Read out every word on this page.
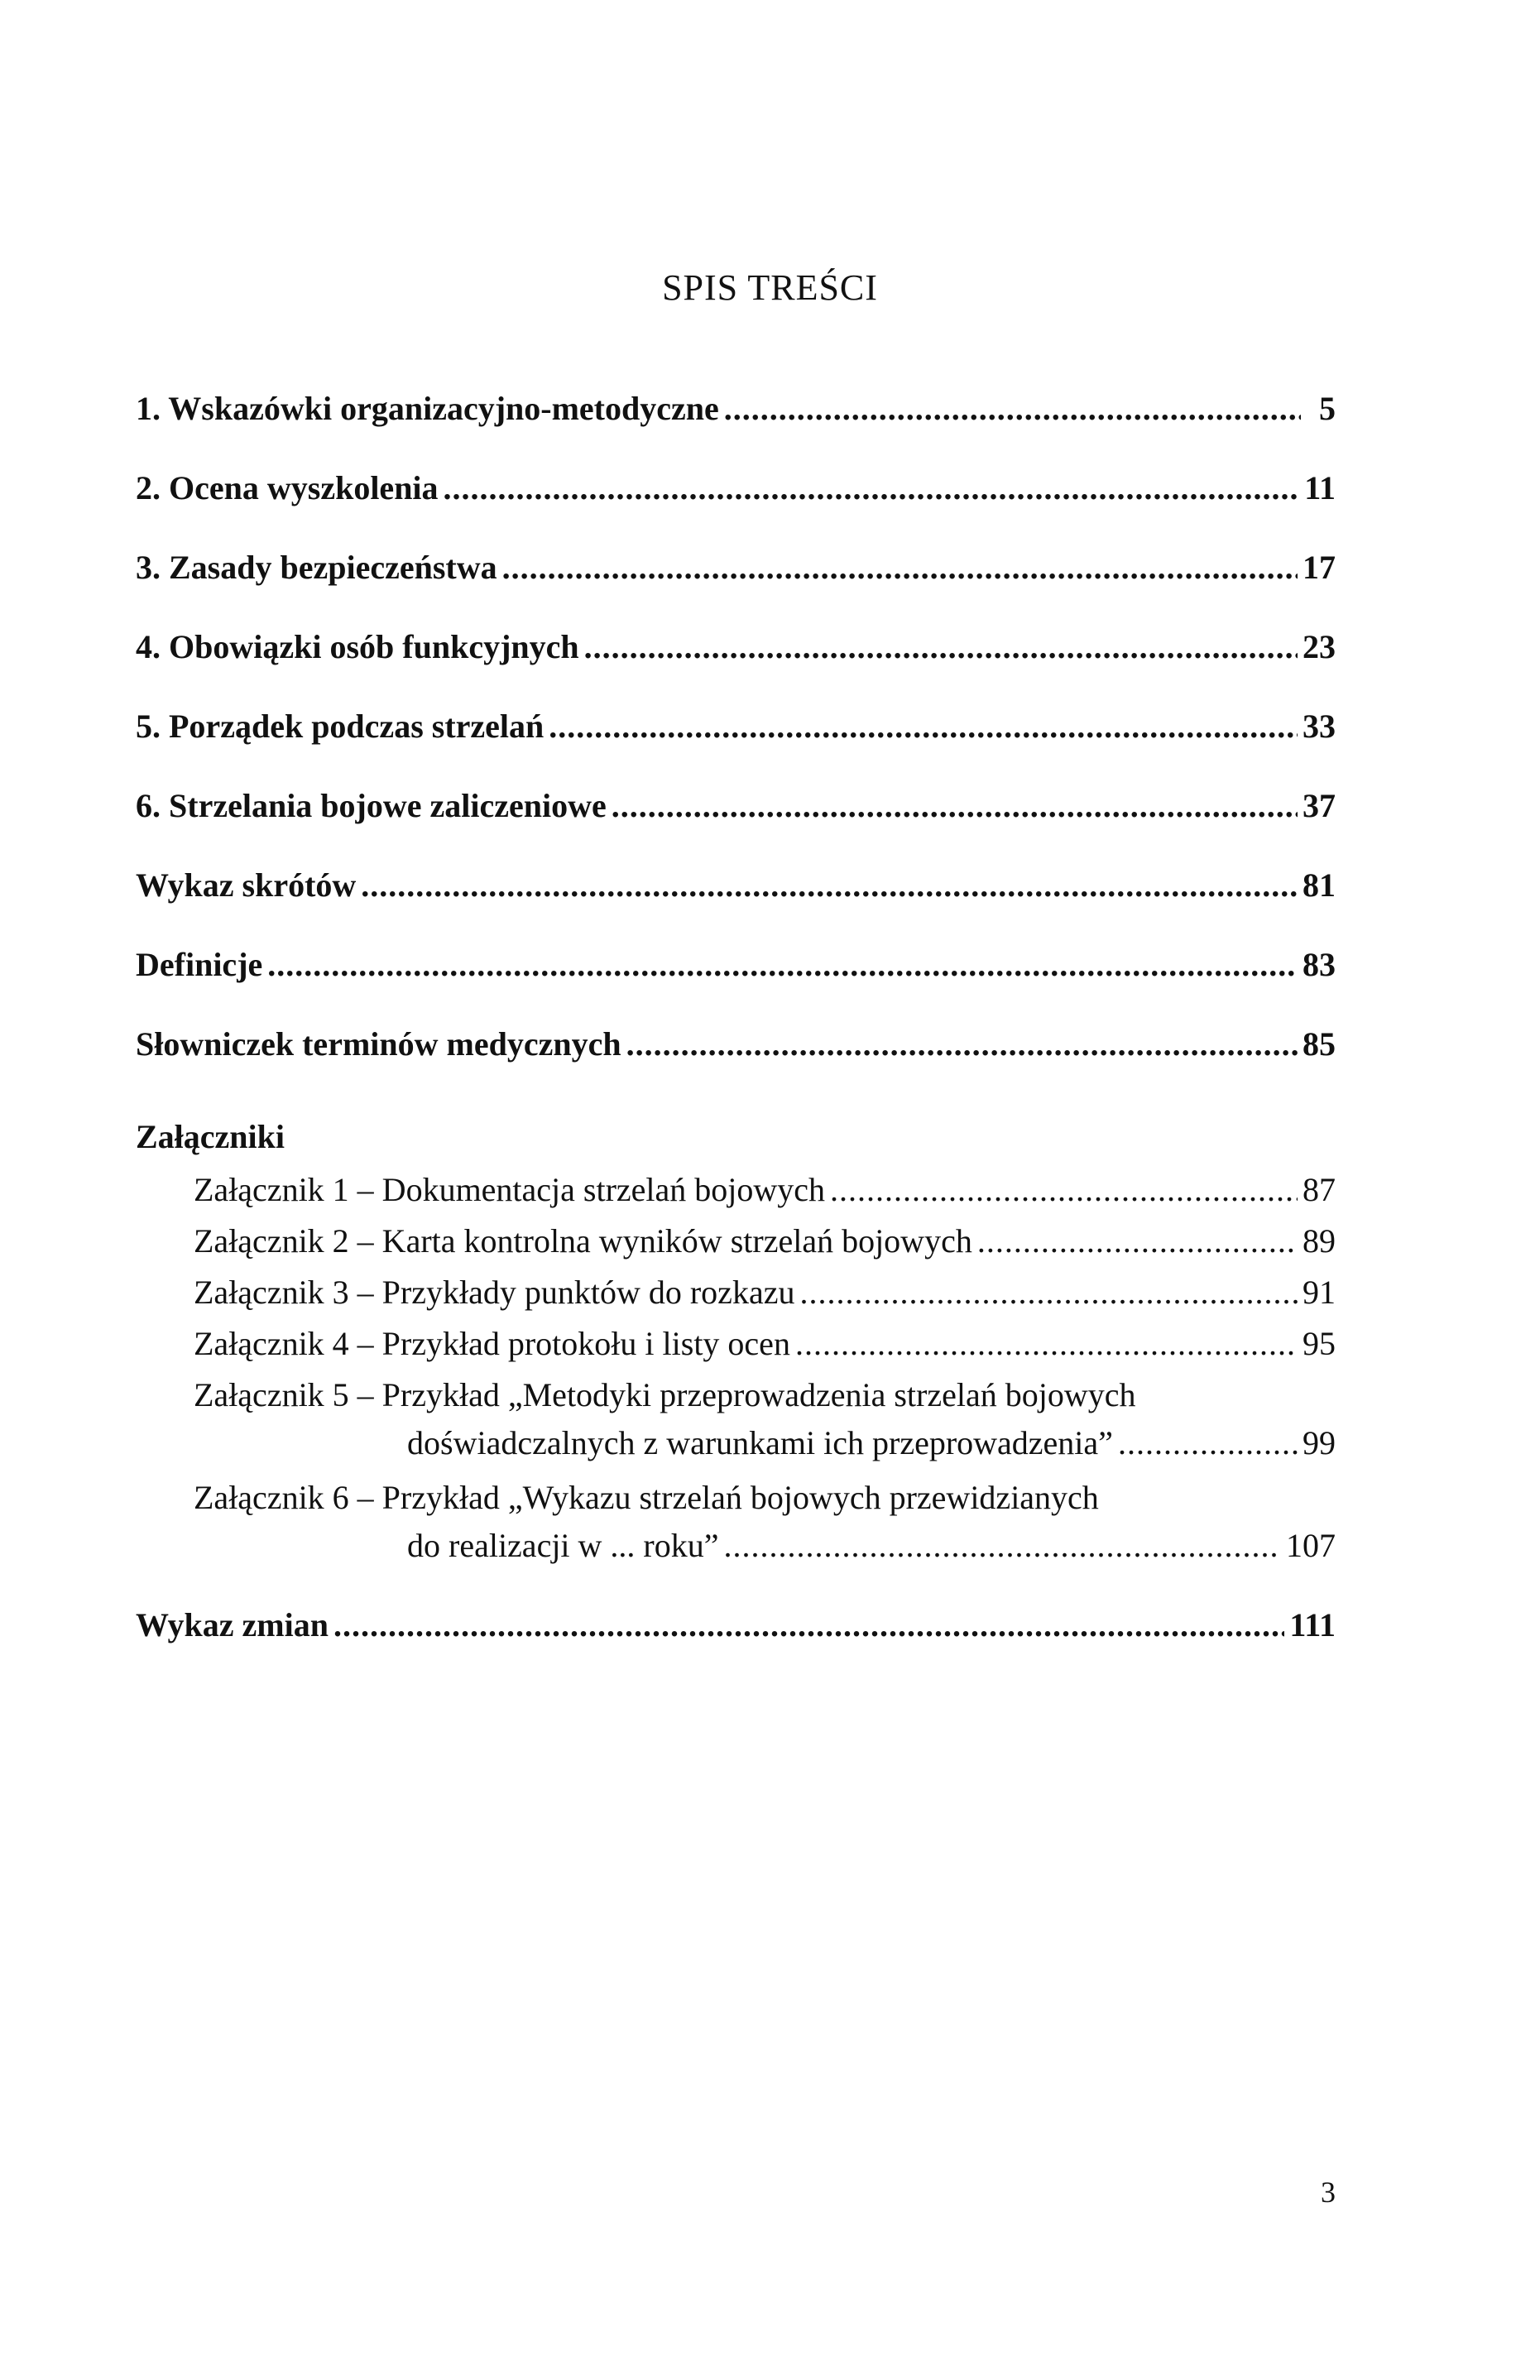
SPIS TREŚCI
1. Wskazówki organizacyjno-metodyczne .....	5
2. Ocena wyszkolenia .....	11
3. Zasady bezpieczeństwa .....	17
4. Obowiązki osób funkcyjnych .....	23
5. Porządek podczas strzelań .....	33
6. Strzelania bojowe zaliczeniowe .....	37
Wykaz skrótów .....	81
Definicje .....	83
Słowniczek terminów medycznych .....	85
Załączniki
Załącznik 1 – Dokumentacja strzelań bojowych .....	87
Załącznik 2 – Karta kontrolna wyników strzelań bojowych .....	89
Załącznik 3 – Przykłady punktów do rozkazu .....	91
Załącznik 4 – Przykład protokołu i listy ocen .....	95
Załącznik 5 – Przykład „Metodyki przeprowadzenia strzelań bojowych
doświadczalnych z warunkami ich przeprowadzenia” .....	99
Załącznik 6 – Przykład „Wykazu strzelań bojowych przewidzianych
do realizacji w ... roku” .....	107
Wykaz zmian .....	111
3
